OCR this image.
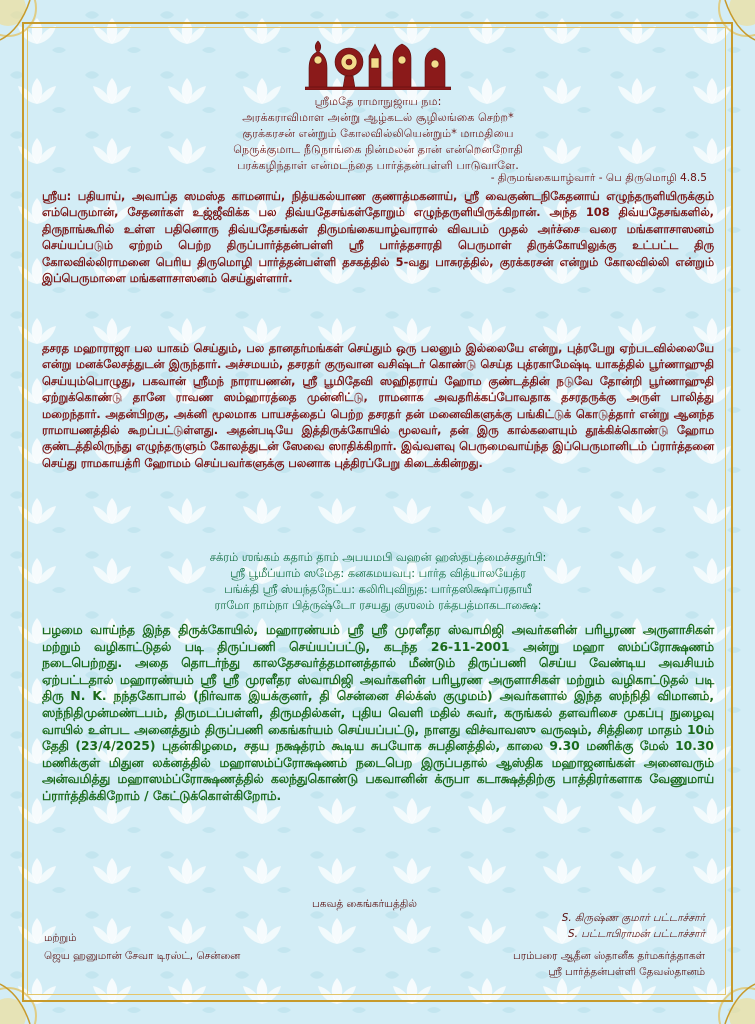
ஸ்ரீமதே ராமாநுஜாய நம:
அரக்கராவிமாள அன்று ஆழ்கடல் சூழிலங்கை செற்ற*
குரக்கரசன் என்றும் கோலவில்லியென்றும்* மாமதியை
நெருக்குமாட நீடுநாங்கை நின்மலன் தான் என்றெனறோதி
பரக்கழிந்தாள் என்மடந்தை பார்த்தன்பள்ளி பாடுவாளே.
- திருமங்கையாழ்வார் - பெ திருமொழி 4.8.5

ஸ்ரீய: பதியாய், அவாப்த ஸமஸ்த காமனாய், நித்யகல்யாண குணாத்மகனாய், ஸ்ரீ வைகுண்டநிகேதனாய் எழுந்தருளியிருக்கும் எம்பெருமான், சேதனர்கள் உஜ்ஜீவிக்க பல திவ்யதேசங்கள்தோறும் எழுந்தருளியிருக்கிறான். அந்த 108 திவ்யதேசங்களில், திருநாங்கூரில் உள்ள பதினொரு திவ்யதேசங்கள் திருமங்கையாழ்வாரால் விவபம் முதல் அர்ச்சை வரை மங்களாசாஸனம் செய்யப்படும் ஏற்றம் பெற்ற திருப்பார்த்தன்பள்ளி ஸ்ரீ பார்த்தசாரதி பெருமாள் திருக்கோயிலுக்கு உட்பட்ட திரு கோலவில்லிராமனை பெரிய திருமொழி பார்த்தன்பள்ளி தசகத்தில் 5-வது பாசுரத்தில், குரக்கரசன் என்றும் கோலவில்லி என்றும் இப்பெருமாளை மங்களாசாஸனம் செய்துள்ளார்.

தசரத மஹாராஜா பல யாகம் செய்தும், பல தானதர்மங்கள் செய்தும் ஒரு பலனும் இல்லையே என்று, புத்ரபேறு ஏற்படவில்லையே என்று மனக்லேசத்துடன் இருந்தார். அச்சமயம், தசரதர் குருவான வசிஷ்டர் கொண்டு செய்த புத்ரகாமேஷ்டி யாகத்தில் பூர்ணாஹுதி செய்யும்பொழுது, பகவான் ஸ்ரீமந் நாராயணன், ஸ்ரீ பூமிதேவி ஸஹிதராய் ஹோம குண்டத்தின் நடுவே தோன்றி பூர்ணாஹுதி ஏற்றுக்கொண்டு தானே ராவண ஸம்ஹாரத்தை முன்னிட்டு, ராமனாக அவதரிக்கப்போவதாக தசரதருக்கு அருள் பாலித்து மறைந்தார். அதன்பிறகு, அக்னி மூலமாக பாயசத்தைப் பெற்ற தசரதர் தன் மனைவிகளுக்கு பங்கிட்டுக் கொடுத்தார் என்று ஆனந்த ராமாயணத்தில் கூறப்பட்டுள்ளது. அதன்படியே இத்திருக்கோயில் மூலவர், தன் இரு கால்களையும் தூக்கிக்கொண்டு ஹோம குண்டத்திலிருந்து எழுந்தருளும் கோலத்துடன் ஸேவை ஸாதிக்கிறார். இவ்வளவு பெருமைவாய்ந்த இப்பெருமானிடம் ப்ரார்த்தனை செய்து ராமகாயத்ரி ஹோமம் செய்பவர்களுக்கு பலனாக புத்திரப்பேறு கிடைக்கின்றது.

சக்ரம் ஶங்கம் கதாம் தாம் அபயமபி வஹன் ஹஸ்தபத்மைச்சதுர்பி:
ஸ்ரீ பூமீப்யாம் ஸமேத: கனகமயவபு: பார்த வித்யாலயேத்ர
பங்க்தி ஸ்ரீ ஸ்யந்தநேட்ய: கலிரிபுவிநுத: பார்தஸிக்ஷாப்ரதாயீ
ராமோ நாம்நா பித்ருஷ்டோ ரசயது குஶலம் ரக்தபத்மாகடாக்ஷை:

பழமை வாய்ந்த இந்த திருக்கோயில், மஹாரண்யம் ஸ்ரீ ஸ்ரீ முரளீதர ஸ்வாமிஜி அவர்களின் பரிபூரண அருளாசிகள் மற்றும் வழிகாட்டுதல் படி திருப்பணி செய்யப்பட்டு, கடந்த 26-11-2001 அன்று மஹா ஸம்ப்ரோக்ஷணம் நடைபெற்றது. அதை தொடர்ந்து காலதேசவர்த்தமானத்தால் மீண்டும் திருப்பணி செய்ய வேண்டிய அவசியம் ஏற்பட்டதால் மஹாரண்யம் ஸ்ரீ ஸ்ரீ முரளீதர ஸ்வாமிஜி அவர்களின் பரிபூரண அருளாசிகள் மற்றும் வழிகாட்டுதல் படி திரு N. K. நந்தகோபால் (நிர்வாக இயக்குனர், தி சென்னை சில்க்ஸ் குழுமம்) அவர்களால் இந்த ஸந்நிதி விமானம், ஸந்நிதிமுன்மண்டபம், திருமடப்பள்ளி, திருமதில்கள், புதிய வெளி மதில் சுவர், கருங்கல் தளவரிசை முகப்பு நுழைவு வாயில் உள்பட அனைத்தும் திருப்பணி கைங்கர்யம் செய்யப்பட்டு, நாளது விச்வாவஸு வருஷம், சித்திரை மாதம் 10ம் தேதி (23/4/2025) புதன்கிழமை, சதய நக்ஷத்ரம் கூடிய சுபயோக சுபதினத்தில், காலை 9.30 மணிக்கு மேல் 10.30 மணிக்குள் மிதுன லக்னத்தில் மஹாஸம்ப்ரோக்ஷணம் நடைபெற இருப்பதால் ஆஸ்திக மஹாஜனங்கள் அனைவரும் அன்வமித்து மஹாஸம்ப்ரோக்ஷணத்தில் கலந்துகொண்டு பகவானின் க்ருபா கடாக்ஷத்திற்கு பாத்திரர்களாக வேணுமாய் ப்ரார்த்திக்கிறோம் / கேட்டுக்கொள்கிறோம்.

பகவத் கைங்கர்யத்தில்
S. கிருஷ்ண குமார் பட்டாச்சார்
S. பட்டாபிராமன் பட்டாச்சார்
மற்றும்
ஜெய ஹனுமான் சேவா டிரஸ்ட், சென்னை	பரம்பரை ஆதீன ஸ்தானீக தர்மகர்த்தாகள்
ஸ்ரீ பார்த்தன்பள்ளி தேவஸ்தானம்
